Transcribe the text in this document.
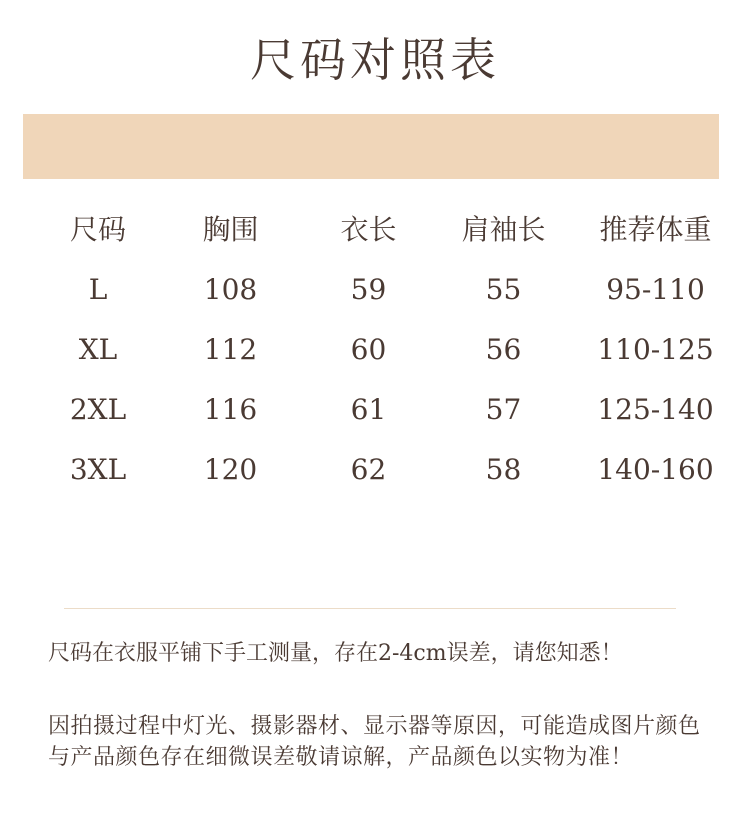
尺码对照表
尺码	胸围	衣长	肩袖长	推荐体重
L	108	59	55	95-110
XL	112	60	56	110-125
2XL	116	61	57	125-140
3XL	120	62	58	140-160
尺码在衣服平铺下手工测量，存在2-4cm误差，请您知悉！
因拍摄过程中灯光、摄影器材、显示器等原因，可能造成图片颜色与产品颜色存在细微误差敬请谅解，产品颜色以实物为准！
